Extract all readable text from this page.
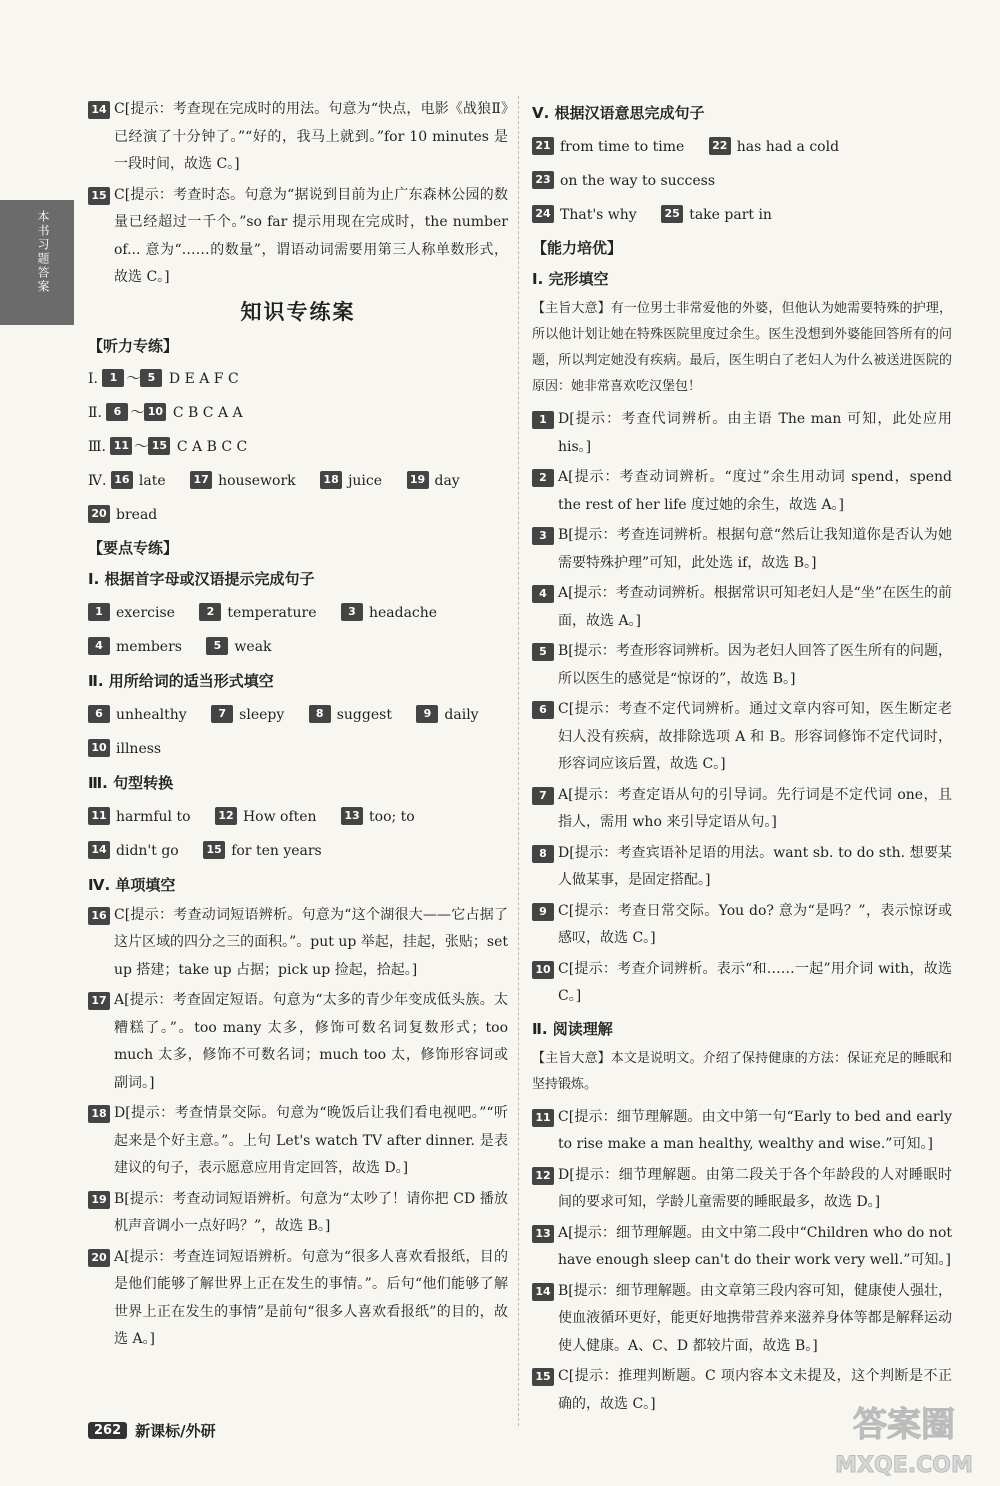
本书习题答案
14 C[提示：考查现在完成时的用法。句意为“快点，电影《战狼Ⅱ》已经演了十分钟了。”“好的，我马上就到。”for 10 minutes 是一段时间，故选 C。]
15 C[提示：考查时态。句意为“据说到目前为止广东森林公园的数量已经超过一千个。”so far 提示用现在完成时，the number of... 意为“……的数量”，谓语动词需要用第三人称单数形式，故选 C。]
知识专练案
【听力专练】
Ⅰ. 1 ～ 5 D E A F C
Ⅱ. 6 ～ 10 C B C A A
Ⅲ. 11 ～ 15 C A B C C
Ⅳ. 16 late	17 housework	18 juice	19 day
20 bread
【要点专练】
Ⅰ. 根据首字母或汉语提示完成句子
1 exercise	2 temperature	3 headache
4 members	5 weak
Ⅱ. 用所给词的适当形式填空
6 unhealthy	7 sleepy	8 suggest	9 daily
10 illness
Ⅲ. 句型转换
11 harmful to	12 How often	13 too; to
14 didn't go	15 for ten years
Ⅳ. 单项填空
16 C[提示：考查动词短语辨析。句意为“这个湖很大——它占据了这片区域的四分之三的面积。”。put up 举起，挂起，张贴；set up 搭建；take up 占据；pick up 捡起，拾起。]
17 A[提示：考查固定短语。句意为“太多的青少年变成低头族。太糟糕了。”。too many 太多，修饰可数名词复数形式；too much 太多，修饰不可数名词；much too 太，修饰形容词或副词。]
18 D[提示：考查情景交际。句意为“晚饭后让我们看电视吧。”“听起来是个好主意。”。上句 Let's watch TV after dinner. 是表建议的句子，表示愿意应用肯定回答，故选 D。]
19 B[提示：考查动词短语辨析。句意为“太吵了！请你把 CD 播放机声音调小一点好吗？”，故选 B。]
20 A[提示：考查连词短语辨析。句意为“很多人喜欢看报纸，目的是他们能够了解世界上正在发生的事情。”。后句“他们能够了解世界上正在发生的事情”是前句“很多人喜欢看报纸”的目的，故选 A。]
Ⅴ. 根据汉语意思完成句子
21 from time to time	22 has had a cold
23 on the way to success
24 That's why	25 take part in
【能力培优】
Ⅰ. 完形填空
【主旨大意】有一位男士非常爱他的外婆，但他认为她需要特殊的护理，所以他计划让她在特殊医院里度过余生。医生没想到外婆能回答所有的问题，所以判定她没有疾病。最后，医生明白了老妇人为什么被送进医院的原因：她非常喜欢吃汉堡包！
1 D[提示：考查代词辨析。由主语 The man 可知，此处应用 his。]
2 A[提示：考查动词辨析。“度过”余生用动词 spend，spend the rest of her life 度过她的余生，故选 A。]
3 B[提示：考查连词辨析。根据句意“然后让我知道你是否认为她需要特殊护理”可知，此处选 if，故选 B。]
4 A[提示：考查动词辨析。根据常识可知老妇人是“坐”在医生的前面，故选 A。]
5 B[提示：考查形容词辨析。因为老妇人回答了医生所有的问题，所以医生的感觉是“惊讶的”，故选 B。]
6 C[提示：考查不定代词辨析。通过文章内容可知，医生断定老妇人没有疾病，故排除选项 A 和 B。形容词修饰不定代词时，形容词应该后置，故选 C。]
7 A[提示：考查定语从句的引导词。先行词是不定代词 one，且指人，需用 who 来引导定语从句。]
8 D[提示：考查宾语补足语的用法。want sb. to do sth. 想要某人做某事，是固定搭配。]
9 C[提示：考查日常交际。You do? 意为“是吗？”，表示惊讶或感叹，故选 C。]
10 C[提示：考查介词辨析。表示“和……一起”用介词 with，故选 C。]
Ⅱ. 阅读理解
【主旨大意】本文是说明文。介绍了保持健康的方法：保证充足的睡眠和坚持锻炼。
11 C[提示：细节理解题。由文中第一句“Early to bed and early to rise make a man healthy, wealthy and wise.”可知。]
12 D[提示：细节理解题。由第二段关于各个年龄段的人对睡眠时间的要求可知，学龄儿童需要的睡眠最多，故选 D。]
13 A[提示：细节理解题。由文中第二段中“Children who do not have enough sleep can't do their work very well.”可知。]
14 B[提示：细节理解题。由文章第三段内容可知，健康使人强壮，使血液循环更好，能更好地携带营养来滋养身体等都是解释运动使人健康。A、C、D 都较片面，故选 B。]
15 C[提示：推理判断题。C 项内容本文未提及，这个判断是不正确的，故选 C。]
262 新课标/外研	答案圈
MXQE.COM
